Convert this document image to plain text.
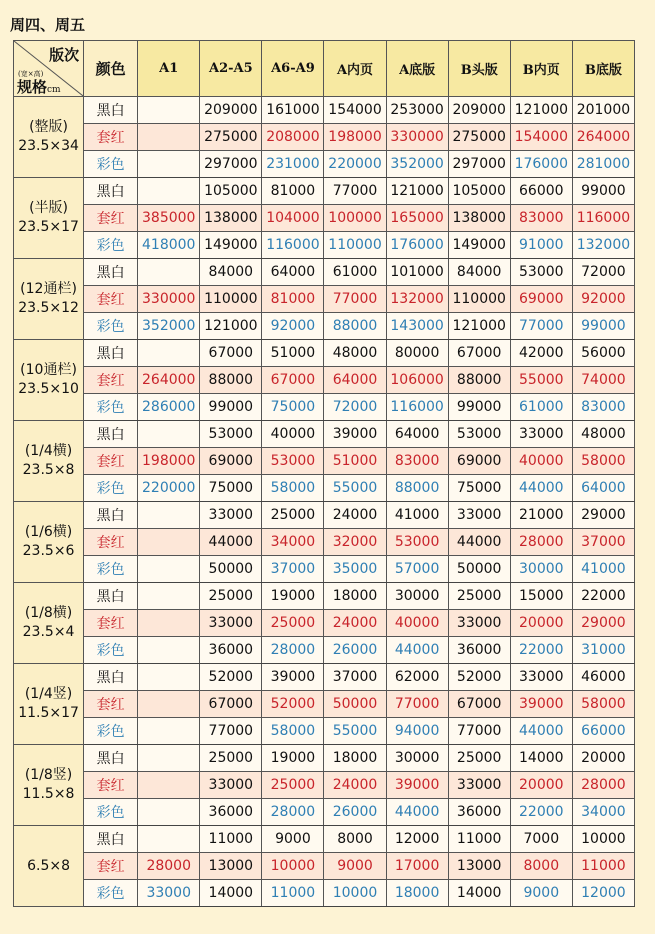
周四、周五
版次
(宽×高)
规格cm	颜色	A1	A2-A5	A6-A9	A内页	A底版	B头版	B内页	B底版

(整版)
23.5×34	黑白		209000	161000	154000	253000	209000	121000	201000
	套红		275000	208000	198000	330000	275000	154000	264000
	彩色		297000	231000	220000	352000	297000	176000	281000

(半版)
23.5×17	黑白		105000	81000	77000	121000	105000	66000	99000
	套红	385000	138000	104000	100000	165000	138000	83000	116000
	彩色	418000	149000	116000	110000	176000	149000	91000	132000

(12通栏)
23.5×12	黑白		84000	64000	61000	101000	84000	53000	72000
	套红	330000	110000	81000	77000	132000	110000	69000	92000
	彩色	352000	121000	92000	88000	143000	121000	77000	99000

(10通栏)
23.5×10	黑白		67000	51000	48000	80000	67000	42000	56000
	套红	264000	88000	67000	64000	106000	88000	55000	74000
	彩色	286000	99000	75000	72000	116000	99000	61000	83000

(1/4横)
23.5×8	黑白		53000	40000	39000	64000	53000	33000	48000
	套红	198000	69000	53000	51000	83000	69000	40000	58000
	彩色	220000	75000	58000	55000	88000	75000	44000	64000

(1/6横)
23.5×6	黑白		33000	25000	24000	41000	33000	21000	29000
	套红		44000	34000	32000	53000	44000	28000	37000
	彩色		50000	37000	35000	57000	50000	30000	41000

(1/8横)
23.5×4	黑白		25000	19000	18000	30000	25000	15000	22000
	套红		33000	25000	24000	40000	33000	20000	29000
	彩色		36000	28000	26000	44000	36000	22000	31000

(1/4竖)
11.5×17	黑白		52000	39000	37000	62000	52000	33000	46000
	套红		67000	52000	50000	77000	67000	39000	58000
	彩色		77000	58000	55000	94000	77000	44000	66000

(1/8竖)
11.5×8	黑白		25000	19000	18000	30000	25000	14000	20000
	套红		33000	25000	24000	39000	33000	20000	28000
	彩色		36000	28000	26000	44000	36000	22000	34000

6.5×8	黑白		11000	9000	8000	12000	11000	7000	10000
	套红	28000	13000	10000	9000	17000	13000	8000	11000
	彩色	33000	14000	11000	10000	18000	14000	9000	12000
